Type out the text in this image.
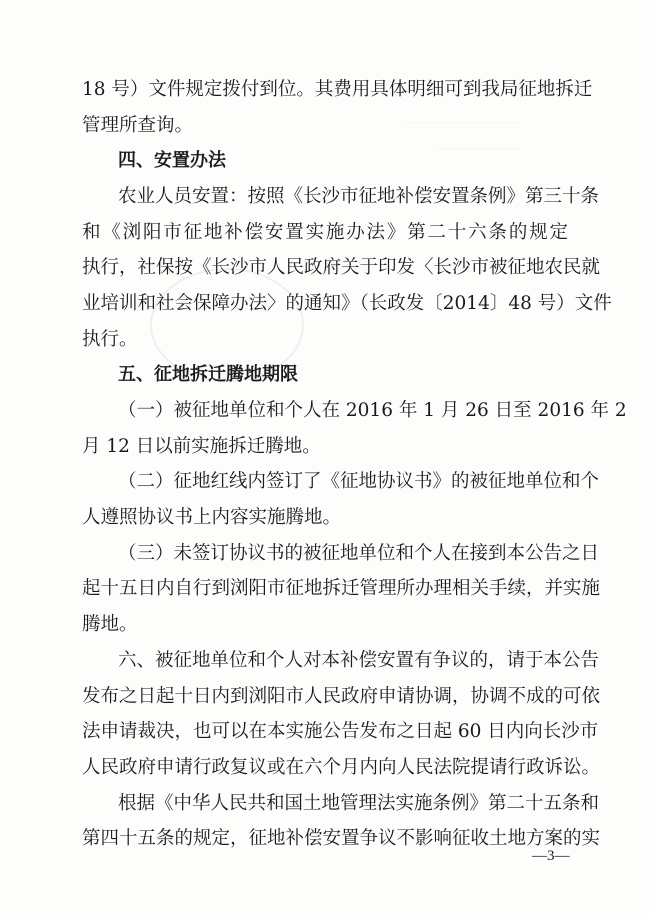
······························
······················
18 号）文件规定拨付到位。其费用具体明细可到我局征地拆迁
管理所查询。
四、安置办法
农业人员安置：按照《长沙市征地补偿安置条例》第三十条
和《浏阳市征地补偿安置实施办法》第二十六条的规定
执行，社保按《长沙市人民政府关于印发〈长沙市被征地农民就
业培训和社会保障办法〉的通知》（长政发〔2014〕48 号）文件
执行。
五、征地拆迁腾地期限
（一）被征地单位和个人在 2016 年 1 月 26 日至 2016 年 2
月 12 日以前实施拆迁腾地。
（二）征地红线内签订了《征地协议书》的被征地单位和个
人遵照协议书上内容实施腾地。
（三）未签订协议书的被征地单位和个人在接到本公告之日
起十五日内自行到浏阳市征地拆迁管理所办理相关手续，并实施
腾地。
六、被征地单位和个人对本补偿安置有争议的，请于本公告
发布之日起十日内到浏阳市人民政府申请协调，协调不成的可依
法申请裁决，也可以在本实施公告发布之日起 60 日内向长沙市
人民政府申请行政复议或在六个月内向人民法院提请行政诉讼。
根据《中华人民共和国土地管理法实施条例》第二十五条和
第四十五条的规定，征地补偿安置争议不影响征收土地方案的实
—3—
